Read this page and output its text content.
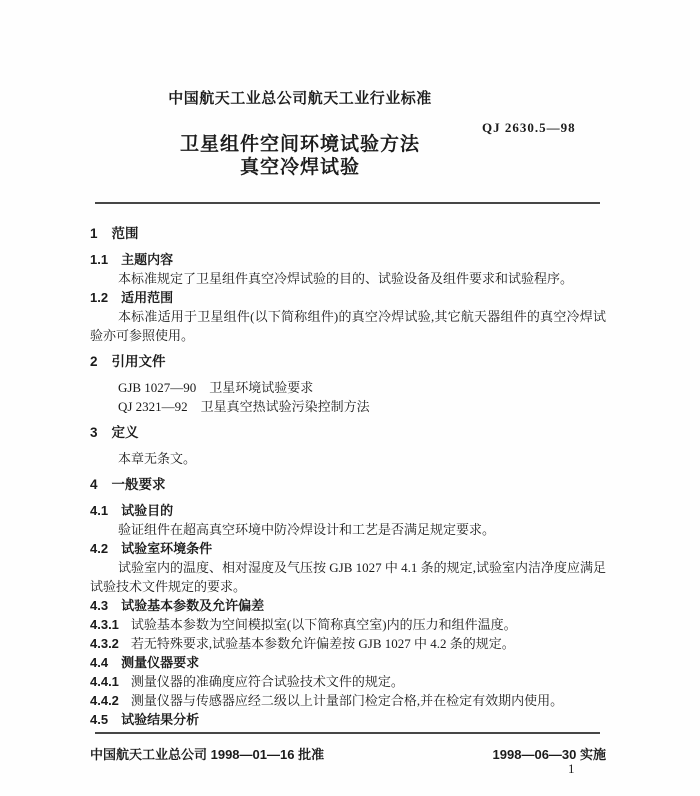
中国航天工业总公司航天工业行业标准
QJ 2630.5—98
卫星组件空间环境试验方法
真空冷焊试验
1 范围
1.1 主题内容
本标准规定了卫星组件真空冷焊试验的目的、试验设备及组件要求和试验程序。
1.2 适用范围
本标准适用于卫星组件(以下简称组件)的真空冷焊试验,其它航天器组件的真空冷焊试验亦可参照使用。
2 引用文件
GJB 1027—90　卫星环境试验要求
QJ 2321—92　卫星真空热试验污染控制方法
3 定义
本章无条文。
4 一般要求
4.1 试验目的
验证组件在超高真空环境中防冷焊设计和工艺是否满足规定要求。
4.2 试验室环境条件
试验室内的温度、相对湿度及气压按 GJB 1027 中 4.1 条的规定,试验室内洁净度应满足试验技术文件规定的要求。
4.3 试验基本参数及允许偏差
4.3.1 试验基本参数为空间模拟室(以下简称真空室)内的压力和组件温度。
4.3.2 若无特殊要求,试验基本参数允许偏差按 GJB 1027 中 4.2 条的规定。
4.4 测量仪器要求
4.4.1 测量仪器的准确度应符合试验技术文件的规定。
4.4.2 测量仪器与传感器应经二级以上计量部门检定合格,并在检定有效期内使用。
4.5 试验结果分析
中国航天工业总公司 1998—01—16 批准	1998—06—30 实施
1
